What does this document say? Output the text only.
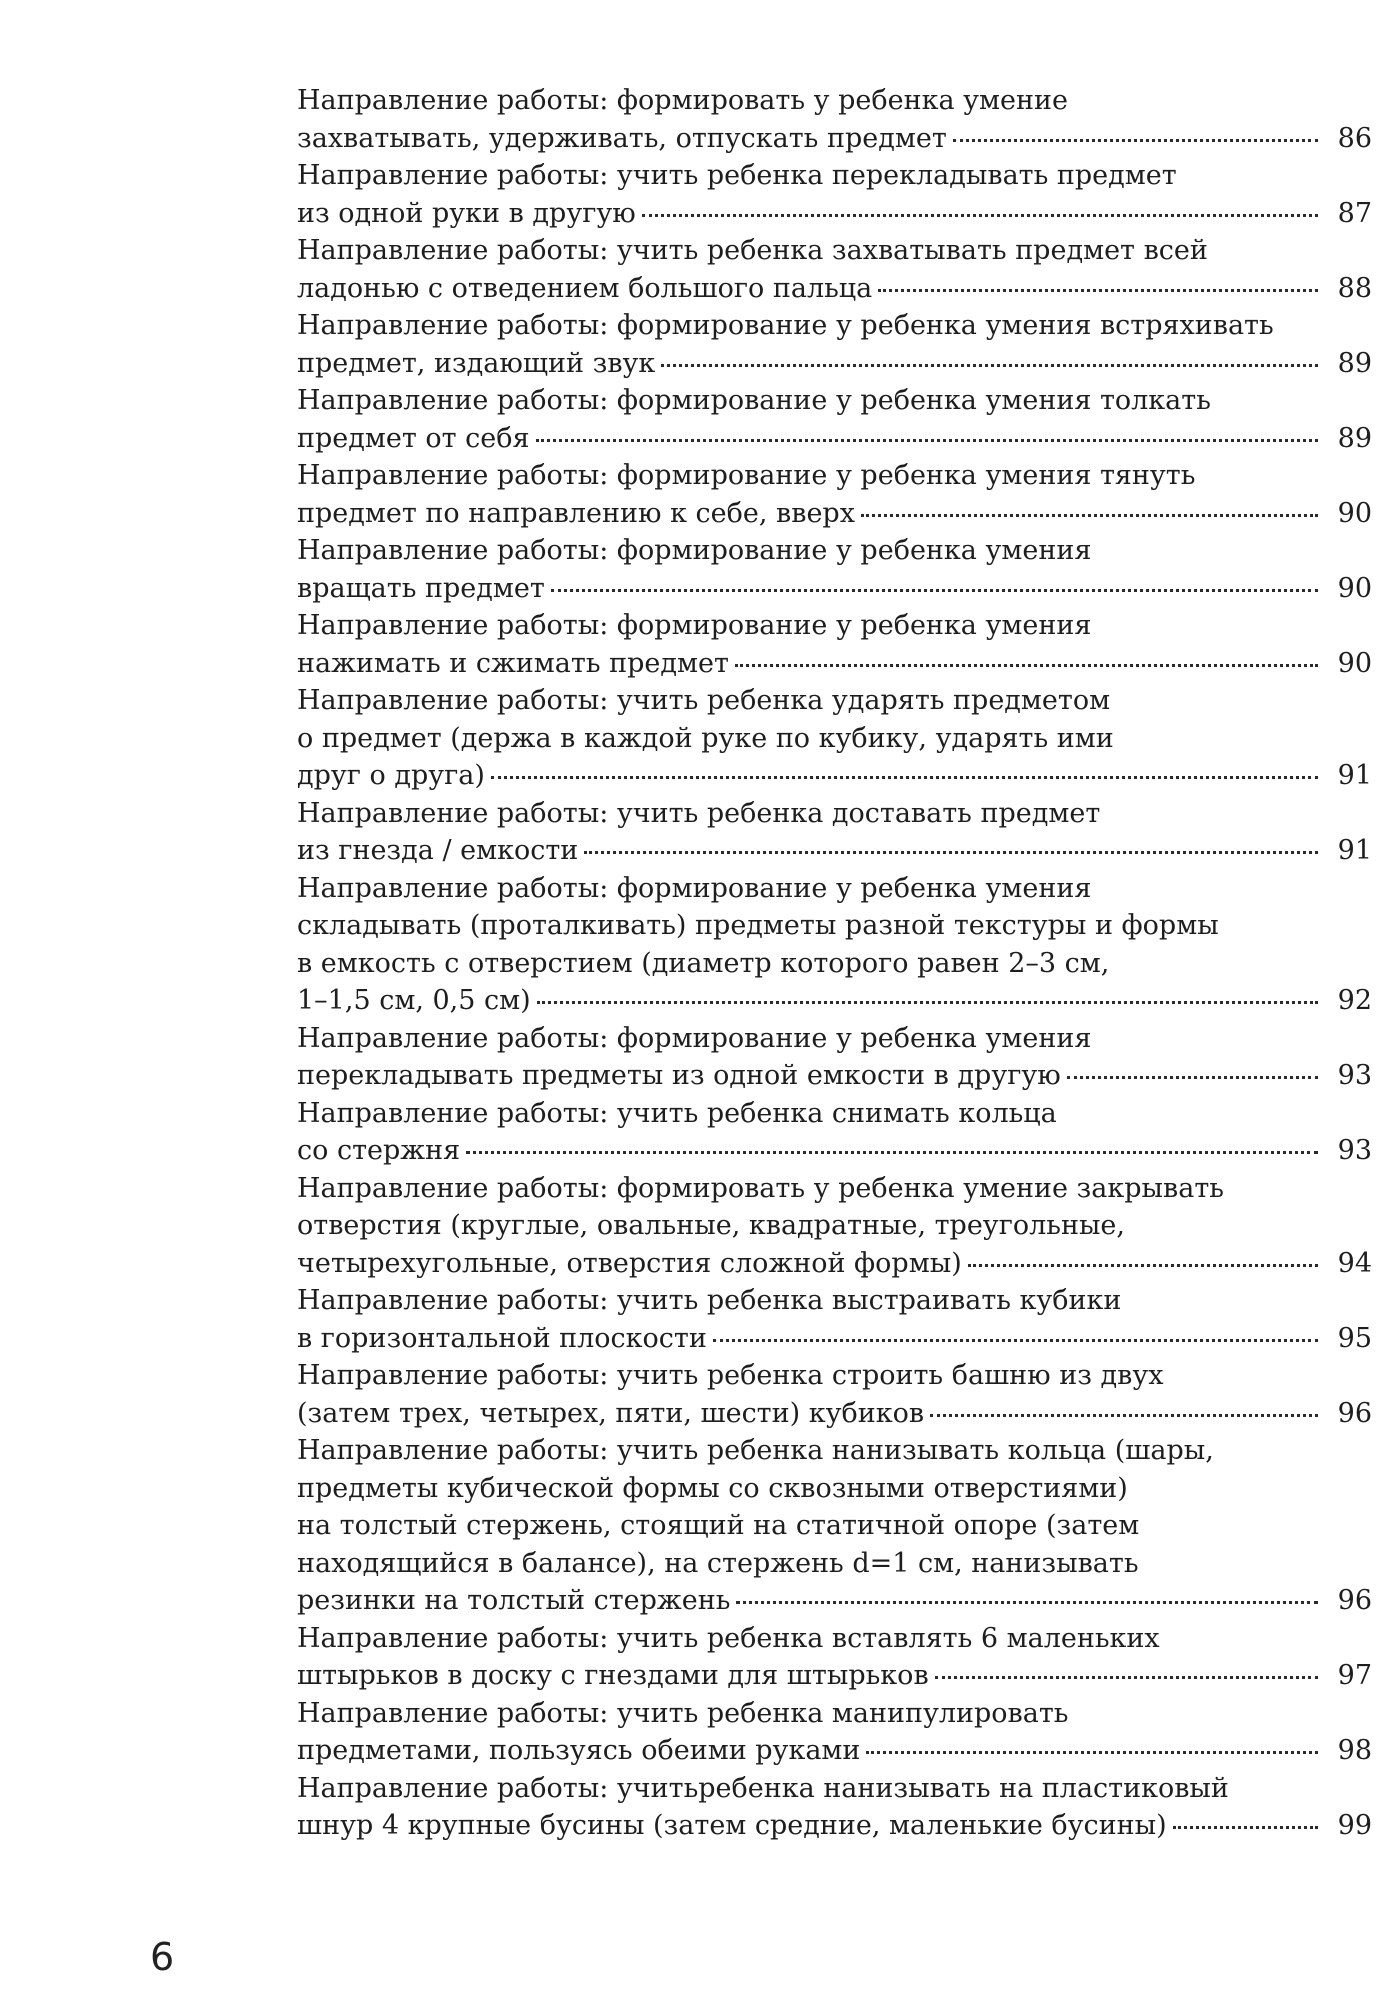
Направление работы: формировать у ребенка умение
захватывать, удерживать, отпускать предмет	86
Направление работы: учить ребенка перекладывать предмет
из одной руки в другую	87
Направление работы: учить ребенка захватывать предмет всей
ладонью с отведением большого пальца	88
Направление работы: формирование у ребенка умения встряхивать
предмет, издающий звук	89
Направление работы: формирование у ребенка умения толкать
предмет от себя	89
Направление работы: формирование у ребенка умения тянуть
предмет по направлению к себе, вверх	90
Направление работы: формирование у ребенка умения
вращать предмет	90
Направление работы: формирование у ребенка умения
нажимать и сжимать предмет	90
Направление работы: учить ребенка ударять предметом
о предмет (держа в каждой руке по кубику, ударять ими
друг о друга)	91
Направление работы: учить ребенка доставать предмет
из гнезда / емкости	91
Направление работы: формирование у ребенка умения
складывать (проталкивать) предметы разной текстуры и формы
в емкость с отверстием (диаметр которого равен 2–3 см,
1–1,5 см, 0,5 см)	92
Направление работы: формирование у ребенка умения
перекладывать предметы из одной емкости в другую	93
Направление работы: учить ребенка снимать кольца
со стержня	93
Направление работы: формировать у ребенка умение закрывать
отверстия (круглые, овальные, квадратные, треугольные,
четырехугольные, отверстия сложной формы)	94
Направление работы: учить ребенка выстраивать кубики
в горизонтальной плоскости	95
Направление работы: учить ребенка строить башню из двух
(затем трех, четырех, пяти, шести) кубиков	96
Направление работы: учить ребенка нанизывать кольца (шары,
предметы кубической формы со сквозными отверстиями)
на толстый стержень, стоящий на статичной опоре (затем
находящийся в балансе), на стержень d=1 см, нанизывать
резинки на толстый стержень	96
Направление работы: учить ребенка вставлять 6 маленьких
штырьков в доску с гнездами для штырьков	97
Направление работы: учить ребенка манипулировать
предметами, пользуясь обеими руками	98
Направление работы: учитьребенка нанизывать на пластиковый
шнур 4 крупные бусины (затем средние, маленькие бусины)	99
6
